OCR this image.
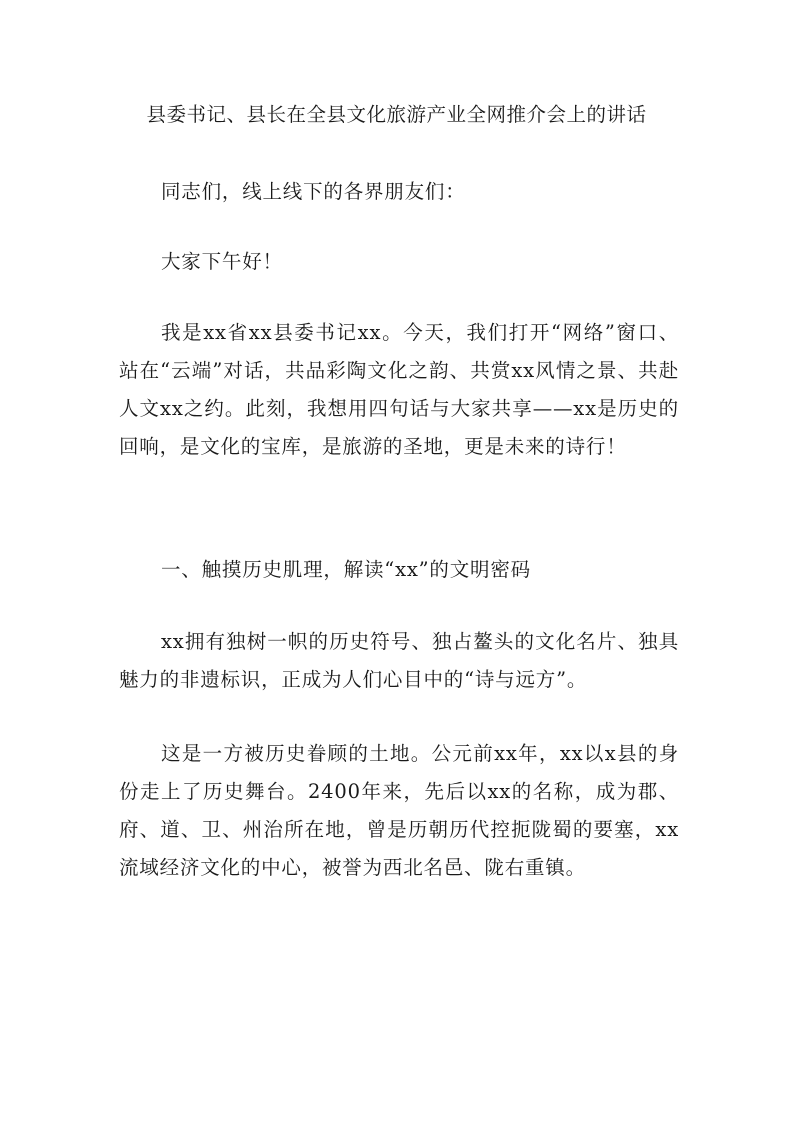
县委书记、县长在全县文化旅游产业全网推介会上的讲话

同志们，线上线下的各界朋友们：

大家下午好！

我是xx省xx县委书记xx。今天，我们打开“网络”窗口、站在“云端”对话，共品彩陶文化之韵、共赏xx风情之景、共赴人文xx之约。此刻，我想用四句话与大家共享——xx是历史的回响，是文化的宝库，是旅游的圣地，更是未来的诗行！

一、触摸历史肌理，解读“xx”的文明密码

xx拥有独树一帜的历史符号、独占鳌头的文化名片、独具魅力的非遗标识，正成为人们心目中的“诗与远方”。

这是一方被历史眷顾的土地。公元前xx年，xx以x县的身份走上了历史舞台。2400年来，先后以xx的名称，成为郡、府、道、卫、州治所在地，曾是历朝历代控扼陇蜀的要塞，xx流域经济文化的中心，被誉为西北名邑、陇右重镇。
